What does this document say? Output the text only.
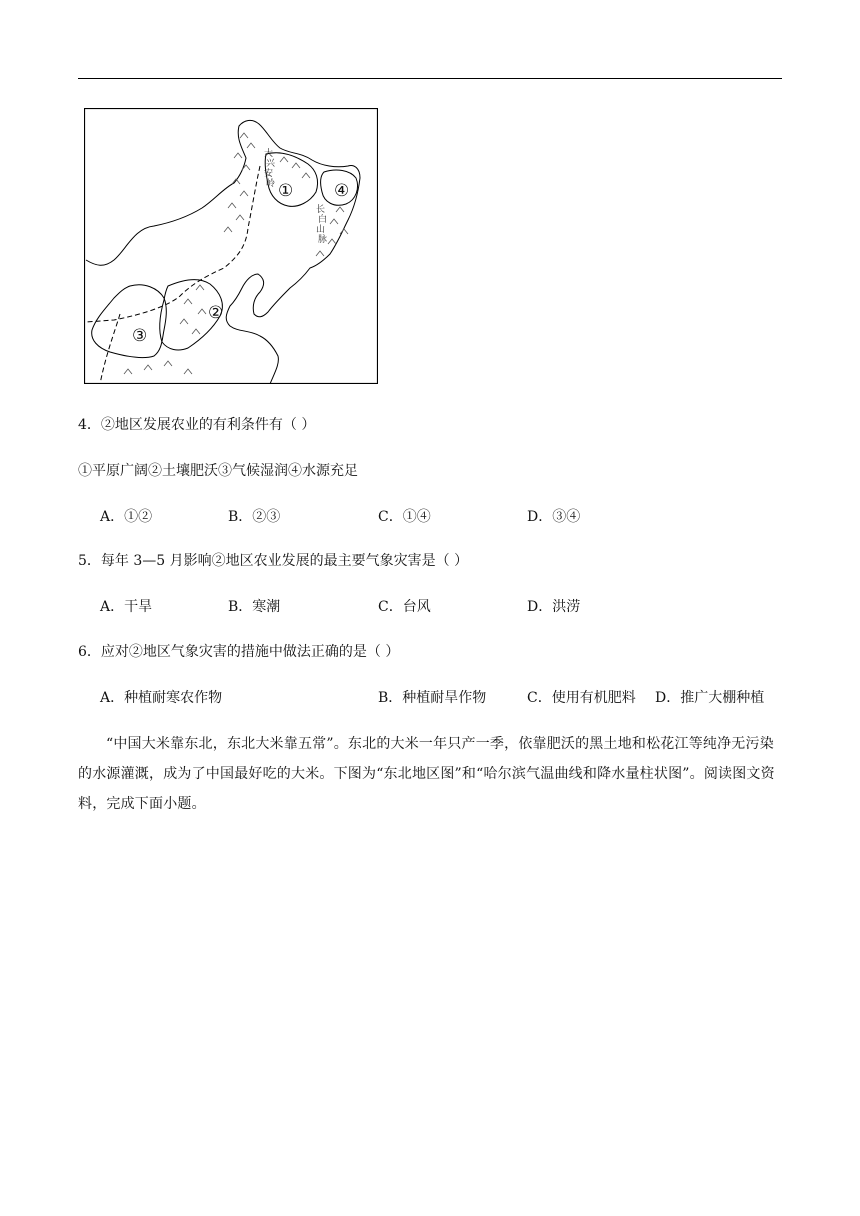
大
兴
安
岭
长
白
山
脉
① ④
②
③
4．②地区发展农业的有利条件有（ ）
①平原广阔②土壤肥沃③气候湿润④水源充足
A．①②	B．②③	C．①④	D．③④
5．每年 3—5 月影响②地区农业发展的最主要气象灾害是（ ）
A．干旱	B．寒潮	C．台风	D．洪涝
6．应对②地区气象灾害的措施中做法正确的是（ ）
A．种植耐寒农作物	B．种植耐旱作物	C．使用有机肥料 D．推广大棚种植
“中国大米靠东北，东北大米靠五常”。东北的大米一年只产一季，依靠肥沃的黑土地和松花江等纯净无污染的水源灌溉，成为了中国最好吃的大米。下图为“东北地区图”和“哈尔滨气温曲线和降水量柱状图”。阅读图文资料，完成下面小题。
